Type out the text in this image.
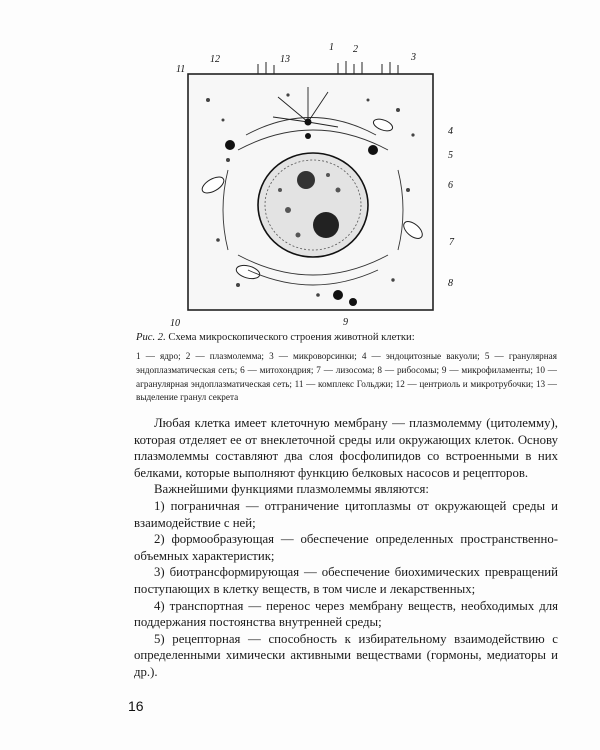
1 2
3
4
5
6
7
8
9
10
11
12	13
Рис. 2. Схема микроскопического строения животной клетки:
1 — ядро; 2 — плазмолемма; 3 — микроворсинки; 4 — эндоцитозные вакуоли; 5 — гранулярная эндоплазматическая сеть; 6 — митохондрия; 7 — лизосома; 8 — рибосомы; 9 — микрофиламенты; 10 — агранулярная эндоплазматическая сеть; 11 — комплекс Гольджи; 12 — центриоль и микротрубочки; 13 — выделение гранул секрета

Любая клетка имеет клеточную мембрану — плазмолемму (цитолемму), которая отделяет ее от внеклеточной среды или окружающих клеток. Основу плазмолеммы составляют два слоя фосфолипидов со встроенными в них белками, которые выполняют функцию белковых насосов и рецепторов.

Важнейшими функциями плазмолеммы являются:

1) пограничная — отграничение цитоплазмы от окружающей среды и взаимодействие с ней;

2) формообразующая — обеспечение определенных пространственно-объемных характеристик;

3) биотрансформирующая — обеспечение биохимических превращений поступающих в клетку веществ, в том числе и лекарственных;

4) транспортная — перенос через мембрану веществ, необходимых для поддержания постоянства внутренней среды;

5) рецепторная — способность к избирательному взаимодействию с определенными химически активными веществами (гормоны, медиаторы и др.).

16
